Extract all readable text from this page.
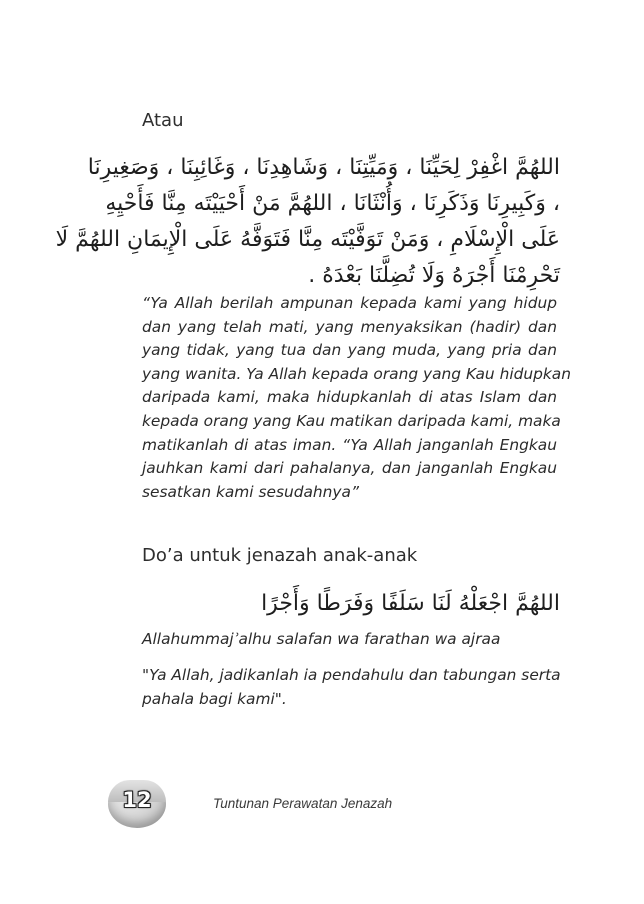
Atau
اللهُمَّ اغْفِرْ لِحَيِّنَا ، وَمَيِّتِنَا ، وَشَاهِدِنَا ، وَغَائِبِنَا ، وَصَغِيرِنَا
، وَكَبِيرِنَا وَذَكَرِنَا ، وَأُنْثَانَا ، اللهُمَّ مَنْ أَحْيَيْتَه مِنَّا فَأَحْيِهِ
عَلَى الْإِسْلَامِ ، وَمَنْ تَوَفَّيْتَه مِنَّا فَتَوَفَّهُ عَلَى الْإِيمَانِ اللهُمَّ لَا
تَحْرِمْنَا أَجْرَهُ وَلَا تُضِلَّنَا بَعْدَهُ .
“Ya Allah berilah ampunan kepada kami yang hidup
dan yang telah mati, yang menyaksikan (hadir) dan
yang tidak, yang tua dan yang muda, yang pria dan
yang wanita. Ya Allah kepada orang yang Kau hidupkan
daripada kami, maka hidupkanlah di atas Islam dan
kepada orang yang Kau matikan daripada kami, maka
matikanlah di atas iman. “Ya Allah janganlah Engkau
jauhkan kami dari pahalanya, dan janganlah Engkau
sesatkan kami sesudahnya”
Do’a untuk jenazah anak-anak
اللهُمَّ اجْعَلْهُ لَنَا سَلَفًا وَفَرَطًا وَأَجْرًا
Allahummajʾalhu salafan wa farathan wa ajraa
"Ya Allah, jadikanlah ia pendahulu dan tabungan serta
pahala bagi kami".
12	Tuntunan Perawatan Jenazah
